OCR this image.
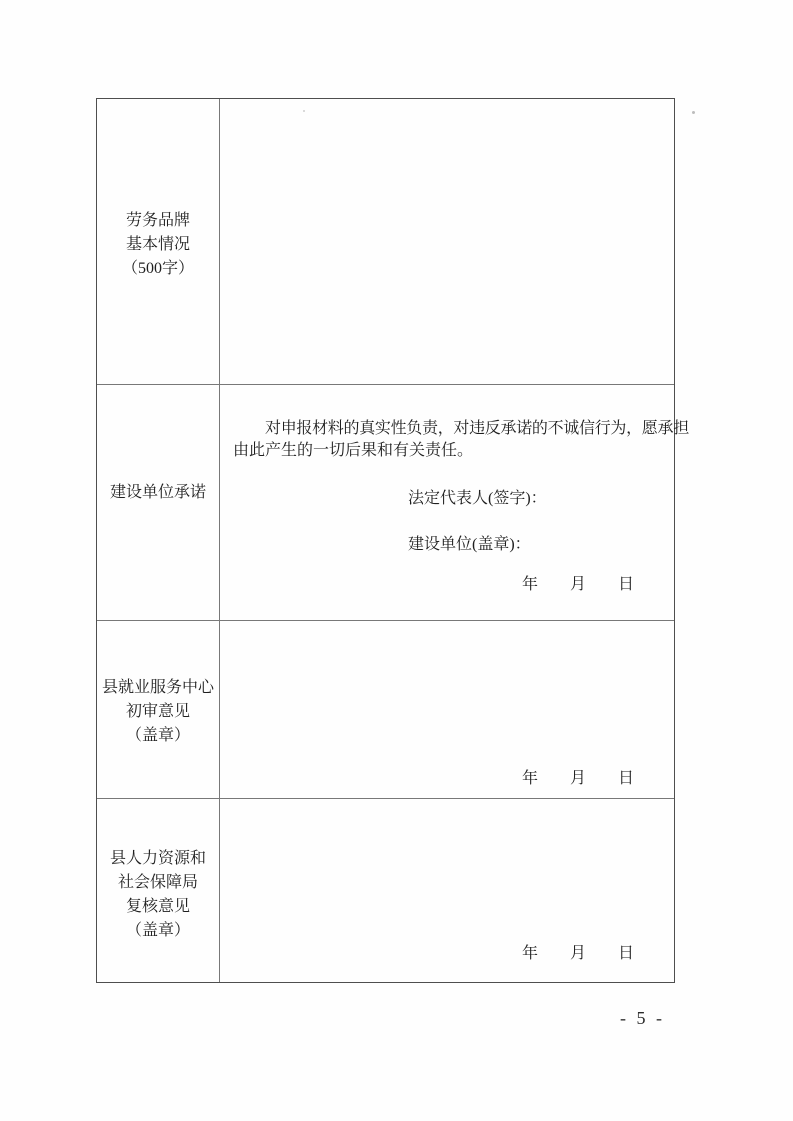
劳务品牌
基本情况
（500字）
建设单位承诺
对申报材料的真实性负责，对违反承诺的不诚信行为，愿承担
由此产生的一切后果和有关责任。
法定代表人(签字)：
建设单位(盖章)：
年　　月　　日
县就业服务中心
初审意见
（盖章）
年　　月　　日
县人力资源和
社会保障局
复核意见
（盖章）
年　　月　　日
- 5 -
